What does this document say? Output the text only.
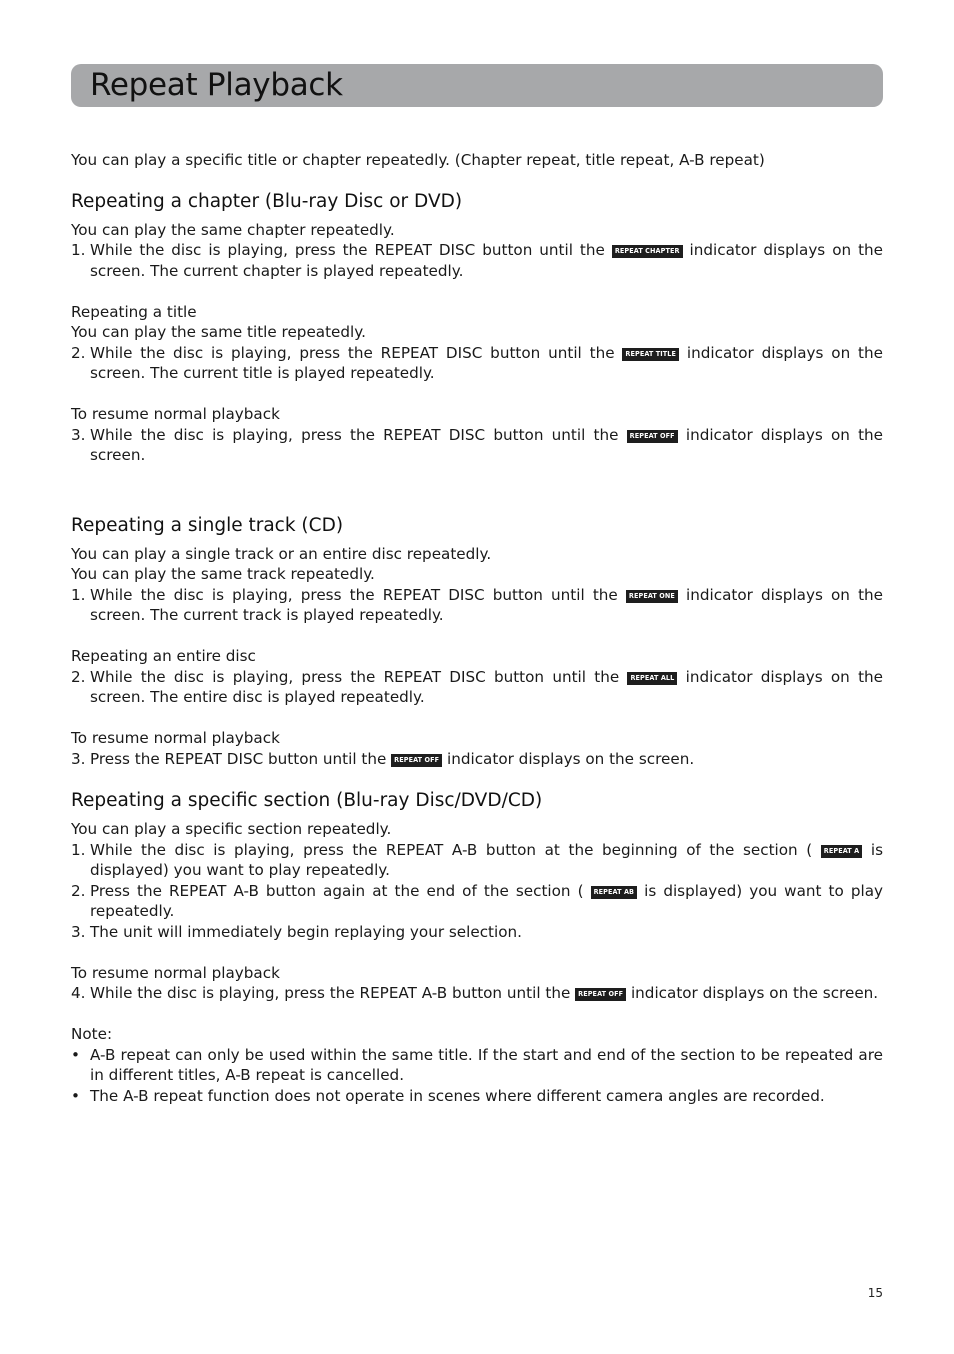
Repeat Playback

You can play a specific title or chapter repeatedly. (Chapter repeat, title repeat, A-B repeat)

Repeating a chapter (Blu-ray Disc or DVD)

You can play the same chapter repeatedly.

1. While the disc is playing, press the REPEAT DISC button until the REPEAT CHAPTER indicator displays on the screen. The current chapter is played repeatedly.

Repeating a title

You can play the same title repeatedly.

2. While the disc is playing, press the REPEAT DISC button until the REPEAT TITLE indicator displays on the screen. The current title is played repeatedly.

To resume normal playback

3. While the disc is playing, press the REPEAT DISC button until the REPEAT OFF indicator displays on the screen.
Repeating a single track (CD)

You can play a single track or an entire disc repeatedly.

You can play the same track repeatedly.

1. While the disc is playing, press the REPEAT DISC button until the REPEAT ONE indicator displays on the screen. The current track is played repeatedly.

Repeating an entire disc

2. While the disc is playing, press the REPEAT DISC button until the REPEAT ALL indicator displays on the screen. The entire disc is played repeatedly.

To resume normal playback

3. Press the REPEAT DISC button until the REPEAT OFF indicator displays on the screen.
Repeating a specific section (Blu-ray Disc/DVD/CD)

You can play a specific section repeatedly.

1. While the disc is playing, press the REPEAT A-B button at the beginning of the section ( REPEAT A is displayed) you want to play repeatedly.
2. Press the REPEAT A-B button again at the end of the section ( REPEAT AB is displayed) you want to play repeatedly.
3. The unit will immediately begin replaying your selection.

To resume normal playback

4. While the disc is playing, press the REPEAT A-B button until the REPEAT OFF indicator displays on the screen.

Note:

• A-B repeat can only be used within the same title. If the start and end of the section to be repeated are in different titles, A-B repeat is cancelled.
• The A-B repeat function does not operate in scenes where different camera angles are recorded.
15
